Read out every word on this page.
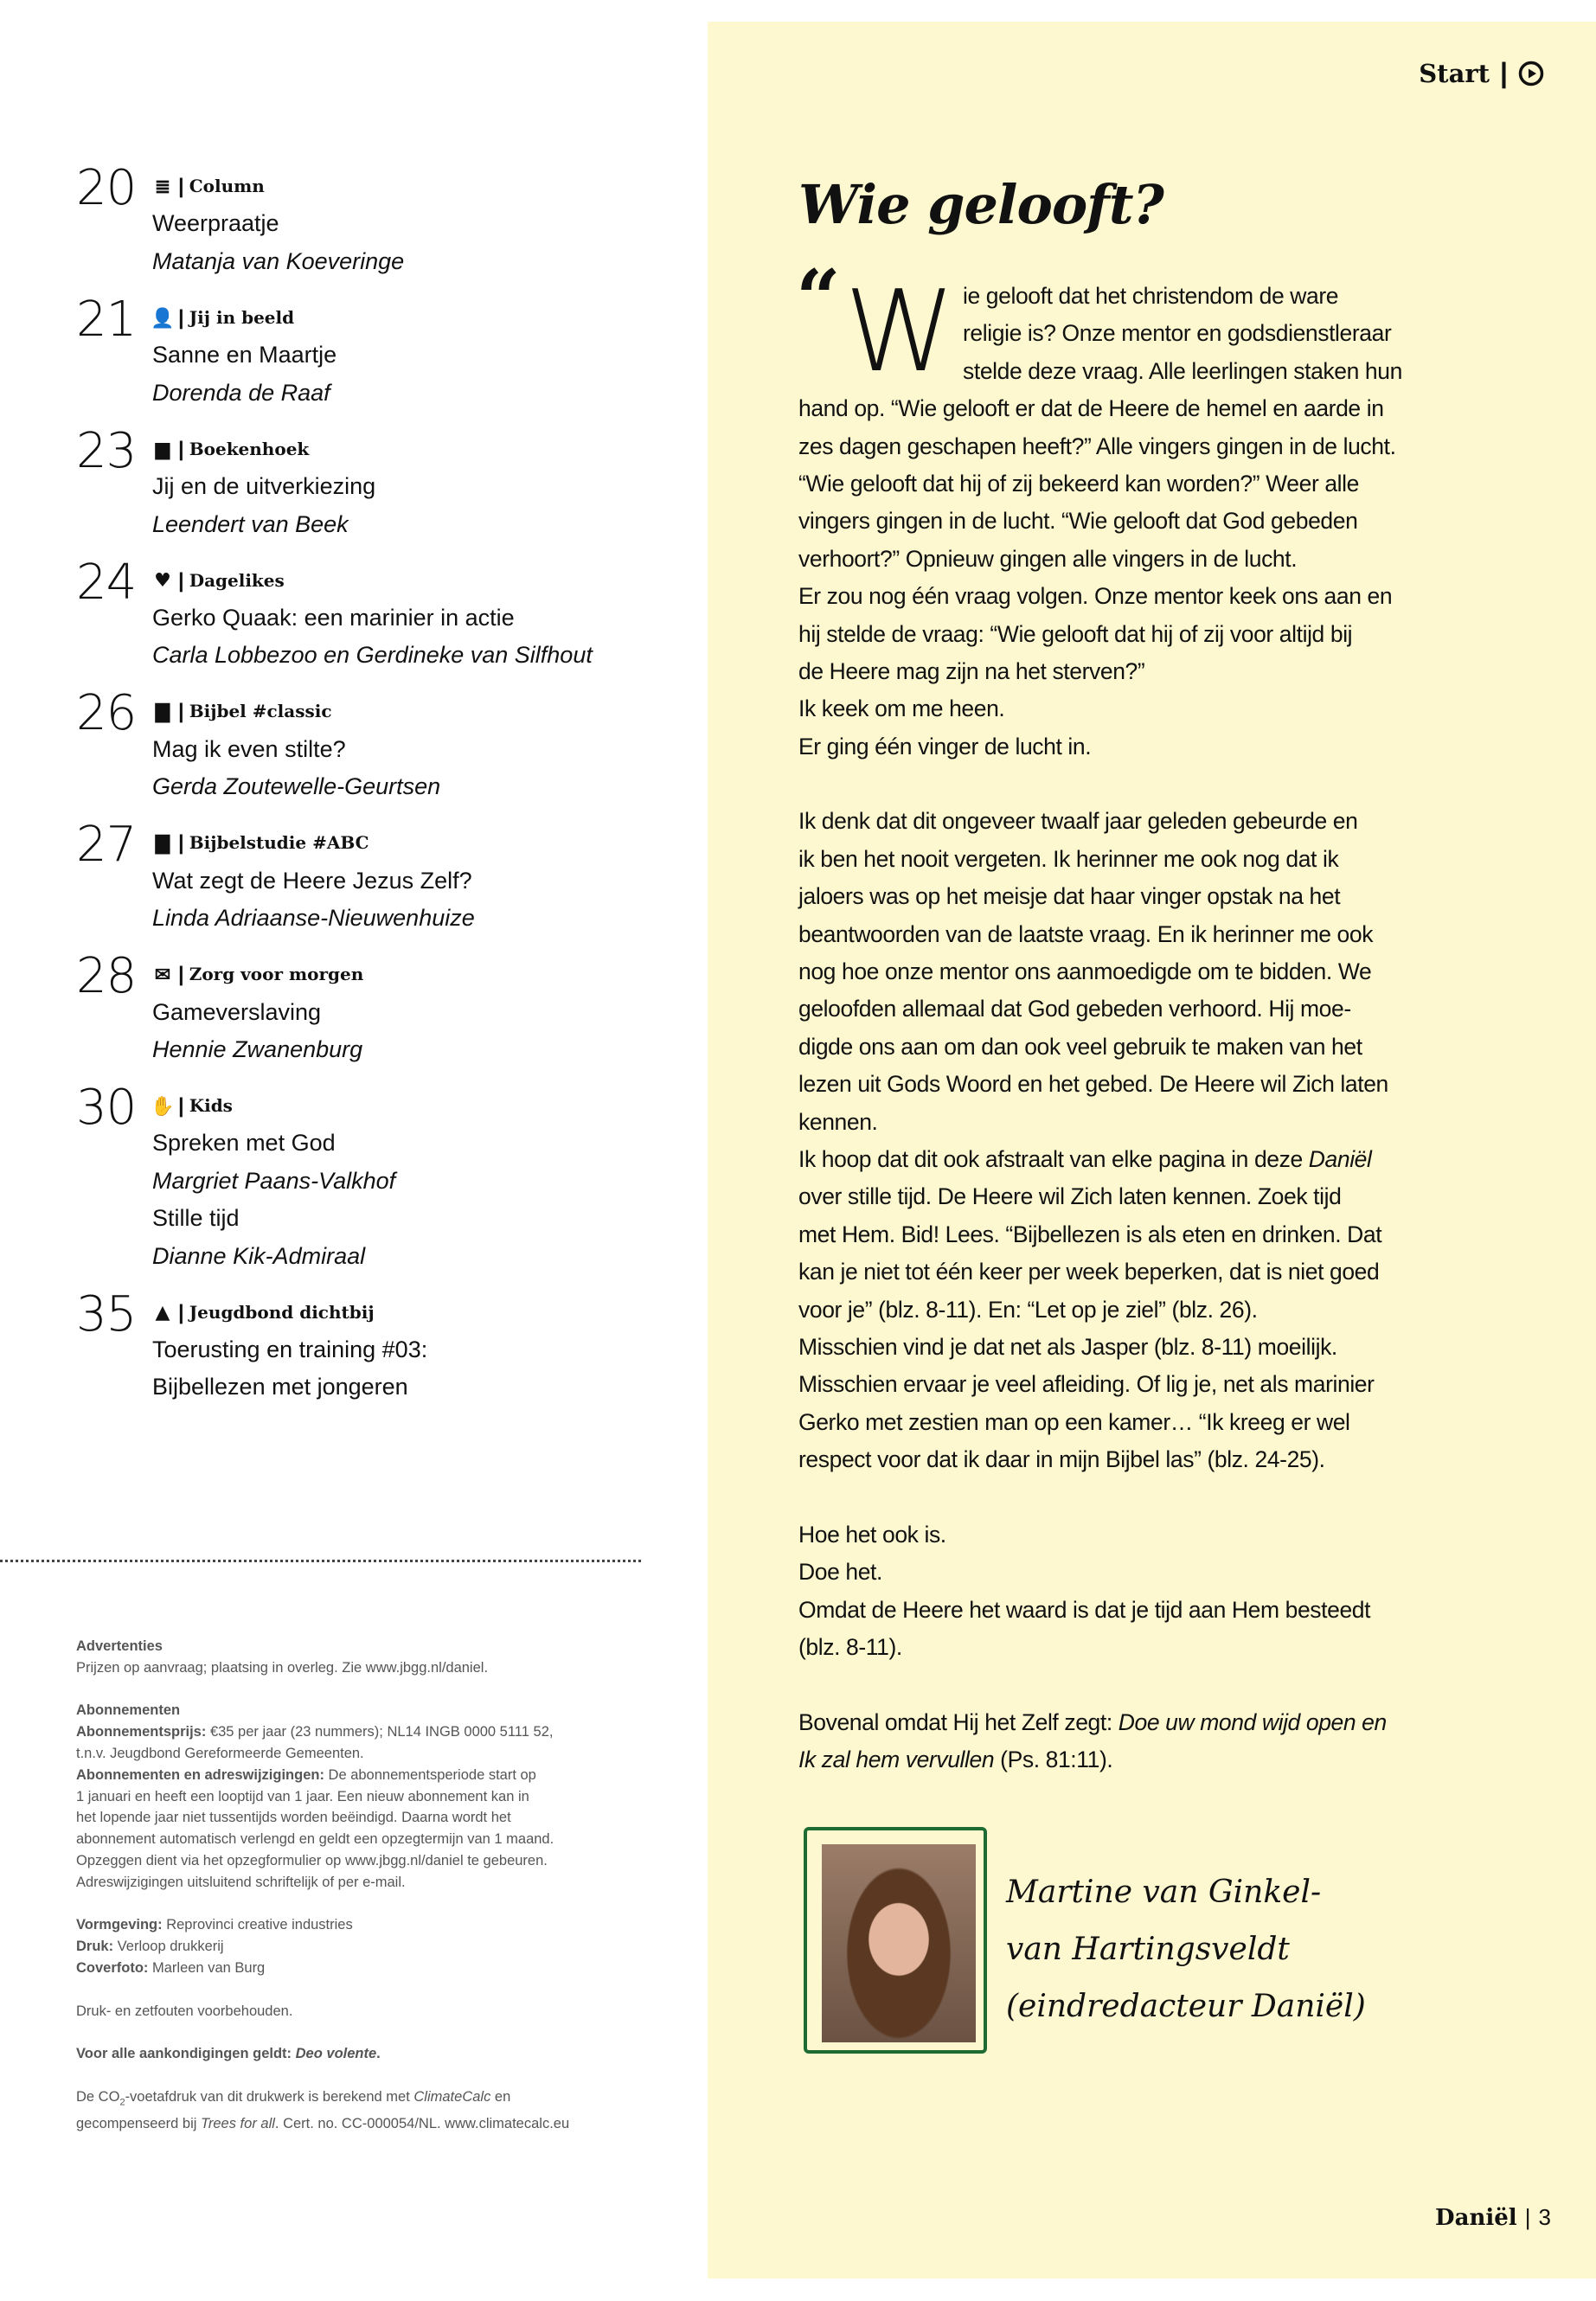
20 ≣ | Column
Weerpraatje
Matanja van Koeveringe
21 👤 | Jij in beeld
Sanne en Maartje
Dorenda de Raaf
23 ▆ | Boekenhoek
Jij en de uitverkiezing
Leendert van Beek
24 ♥ | Dagelikes
Gerko Quaak: een marinier in actie
Carla Lobbezoo en Gerdineke van Silfhout
26 ▇ | Bijbel #classic
Mag ik even stilte?
Gerda Zoutewelle-Geurtsen
27 ▇ | Bijbelstudie #ABC
Wat zegt de Heere Jezus Zelf?
Linda Adriaanse-Nieuwenhuize
28 ✉ | Zorg voor morgen
Gameverslaving
Hennie Zwanenburg
30 ✋ | Kids
Spreken met God
Margriet Paans-Valkhof
Stille tijd
Dianne Kik-Admiraal
35 ▲ | Jeugdbond dichtbij
Toerusting en training #03:
Bijbellezen met jongeren
Advertenties
Prijzen op aanvraag; plaatsing in overleg. Zie www.jbgg.nl/daniel.
Abonnementen
Abonnementsprijs: €35 per jaar (23 nummers); NL14 INGB 0000 5111 52,
t.n.v. Jeugdbond Gereformeerde Gemeenten.
Abonnementen en adreswijzigingen: De abonnementsperiode start op
1 januari en heeft een looptijd van 1 jaar. Een nieuw abonnement kan in
het lopende jaar niet tussentijds worden beëindigd. Daarna wordt het
abonnement automatisch verlengd en geldt een opzegtermijn van 1 maand.
Opzeggen dient via het opzegformulier op www.jbgg.nl/daniel te gebeuren.
Adreswijzigingen uitsluitend schriftelijk of per e-mail.
Vormgeving: Reprovinci creative industries
Druk: Verloop drukkerij
Coverfoto: Marleen van Burg
Druk- en zetfouten voorbehouden.
Voor alle aankondigingen geldt: Deo volente.
De $CO_2$-voetafdruk van dit drukwerk is berekend met ClimateCalc en
gecompenseerd bij Trees for all. Cert. no. CC-000054/NL. www.climatecalc.eu
Start |
Wie gelooft?
“ W ie gelooft dat het christendom de ware
religie is? Onze mentor en godsdienstleraar
stelde deze vraag. Alle leerlingen staken hun
hand op. “Wie gelooft er dat de Heere de hemel en aarde in
zes dagen geschapen heeft?” Alle vingers gingen in de lucht.
“Wie gelooft dat hij of zij bekeerd kan worden?” Weer alle
vingers gingen in de lucht. “Wie gelooft dat God gebeden
verhoort?” Opnieuw gingen alle vingers in de lucht.
Er zou nog één vraag volgen. Onze mentor keek ons aan en
hij stelde de vraag: “Wie gelooft dat hij of zij voor altijd bij
de Heere mag zijn na het sterven?”
Ik keek om me heen.
Er ging één vinger de lucht in.
Ik denk dat dit ongeveer twaalf jaar geleden gebeurde en
ik ben het nooit vergeten. Ik herinner me ook nog dat ik
jaloers was op het meisje dat haar vinger opstak na het
beantwoorden van de laatste vraag. En ik herinner me ook
nog hoe onze mentor ons aanmoedigde om te bidden. We
geloofden allemaal dat God gebeden verhoord. Hij moe-
digde ons aan om dan ook veel gebruik te maken van het
lezen uit Gods Woord en het gebed. De Heere wil Zich laten
kennen.
Ik hoop dat dit ook afstraalt van elke pagina in deze Daniël
over stille tijd. De Heere wil Zich laten kennen. Zoek tijd
met Hem. Bid! Lees. “Bijbellezen is als eten en drinken. Dat
kan je niet tot één keer per week beperken, dat is niet goed
voor je” (blz. 8-11). En: “Let op je ziel” (blz. 26).
Misschien vind je dat net als Jasper (blz. 8-11) moeilijk.
Misschien ervaar je veel afleiding. Of lig je, net als marinier
Gerko met zestien man op een kamer… “Ik kreeg er wel
respect voor dat ik daar in mijn Bijbel las” (blz. 24-25).
Hoe het ook is.
Doe het.
Omdat de Heere het waard is dat je tijd aan Hem besteedt
(blz. 8-11).
Bovenal omdat Hij het Zelf zegt: Doe uw mond wijd open en
Ik zal hem vervullen (Ps. 81:11).
Martine van Ginkel-
van Hartingsveldt
(eindredacteur Daniël)
Daniël | 3
